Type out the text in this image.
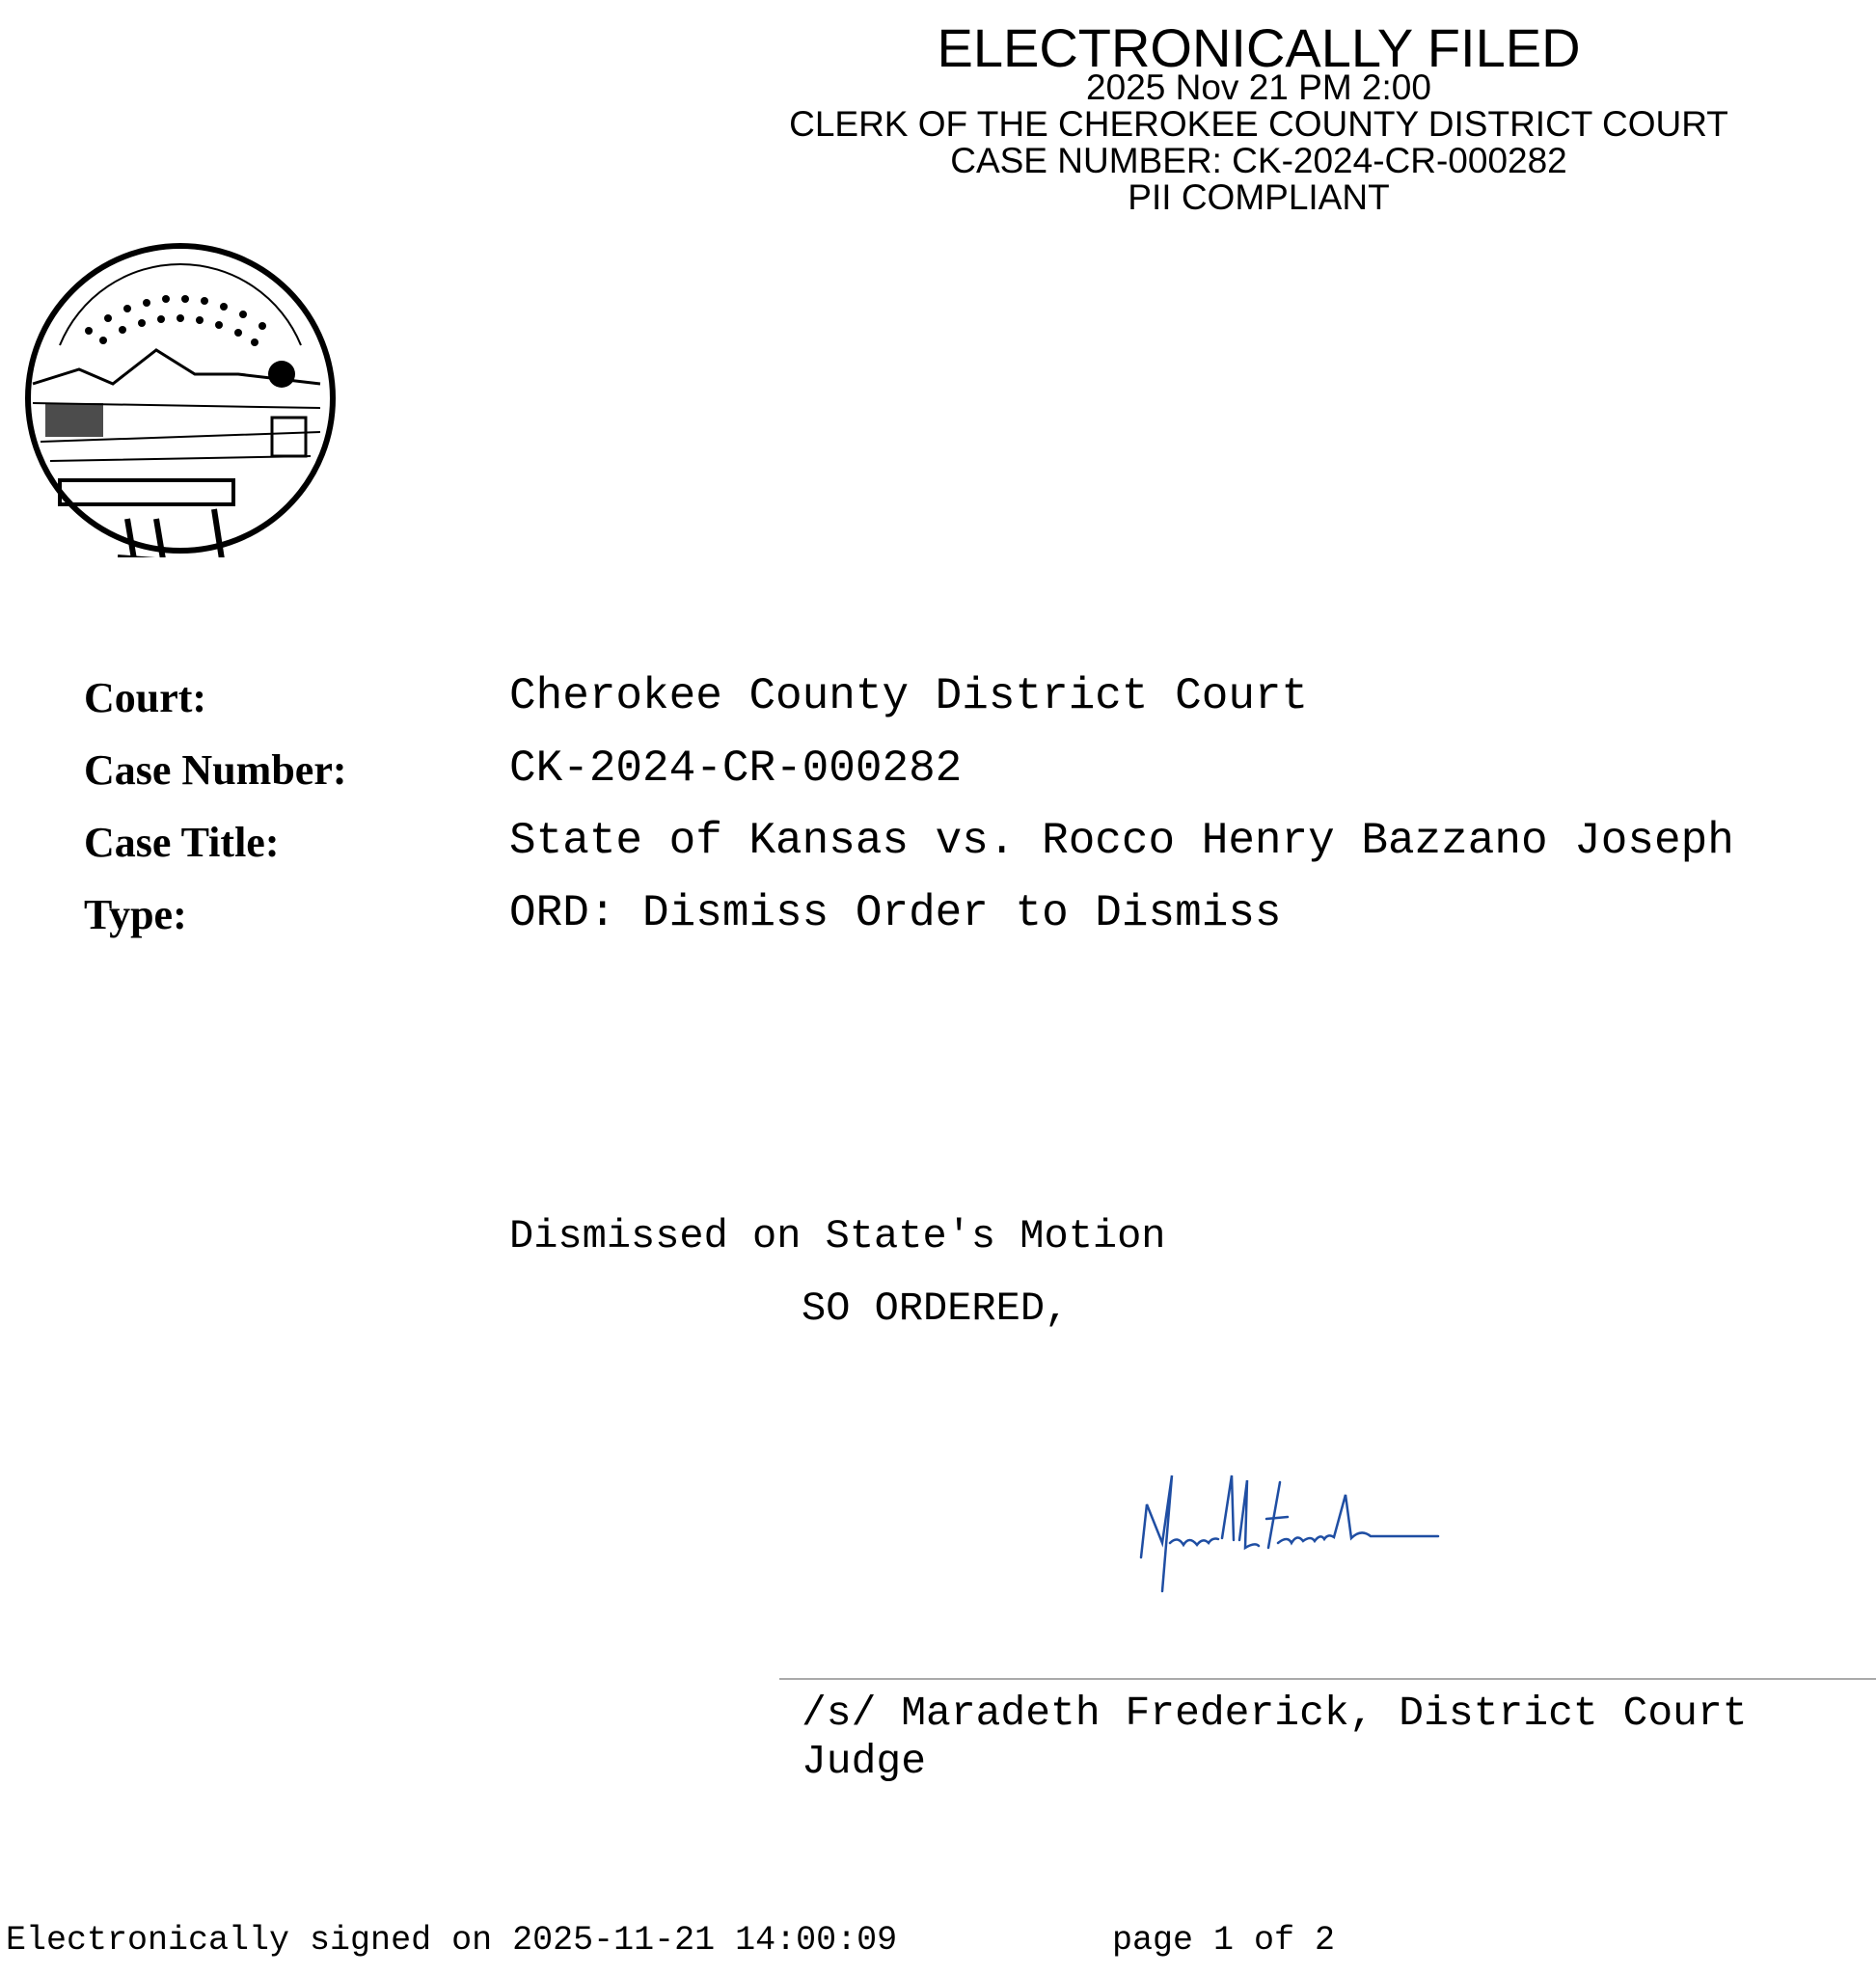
ELECTRONICALLY FILED
2025 Nov 21 PM 2:00
CLERK OF THE CHEROKEE COUNTY DISTRICT COURT
CASE NUMBER: CK-2024-CR-000282
PII COMPLIANT
Court:	Cherokee County District Court
Case Number:	CK-2024-CR-000282
Case Title:	State of Kansas vs. Rocco Henry Bazzano Joseph
Type:	ORD: Dismiss Order to Dismiss
Dismissed on State's Motion
SO ORDERED,
/s/ Maradeth Frederick, District Court
Judge
Electronically signed on 2025-11-21 14:00:09	page 1 of 2
